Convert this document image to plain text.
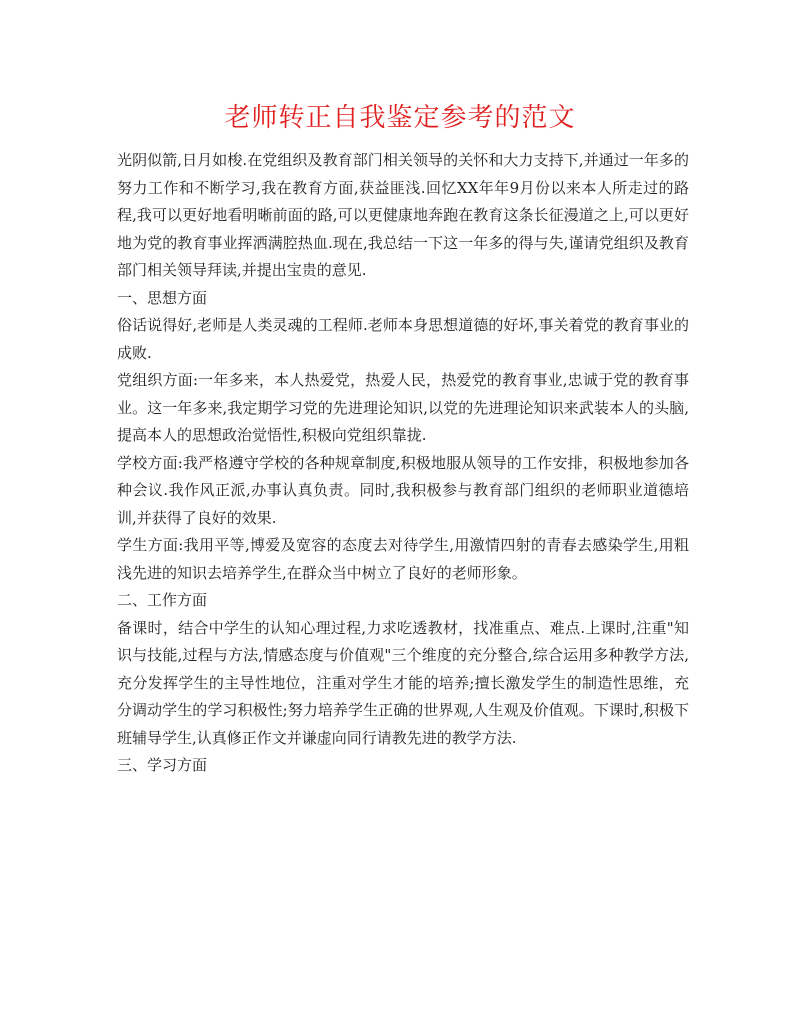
老师转正自我鉴定参考的范文

光阴似箭,日月如梭.在党组织及教育部门相关领导的关怀和大力支持下,并通过一年多的努力工作和不断学习,我在教育方面,获益匪浅.回忆XX年年9月份以来本人所走过的路程,我可以更好地看明晰前面的路,可以更健康地奔跑在教育这条长征漫道之上,可以更好地为党的教育事业挥洒满腔热血.现在,我总结一下这一年多的得与失,谨请党组织及教育部门相关领导拜读,并提出宝贵的意见.

一、思想方面

俗话说得好,老师是人类灵魂的工程师.老师本身思想道德的好坏,事关着党的教育事业的成败.

党组织方面:一年多来，本人热爱党，热爱人民，热爱党的教育事业,忠诚于党的教育事业。这一年多来,我定期学习党的先进理论知识,以党的先进理论知识来武装本人的头脑,提高本人的思想政治觉悟性,积极向党组织靠拢.

学校方面:我严格遵守学校的各种规章制度,积极地服从领导的工作安排，积极地参加各种会议.我作风正派,办事认真负责。同时,我积极参与教育部门组织的老师职业道德培训,并获得了良好的效果.

学生方面:我用平等,博爱及宽容的态度去对待学生,用激情四射的青春去感染学生,用粗浅先进的知识去培养学生,在群众当中树立了良好的老师形象。

二、工作方面

备课时，结合中学生的认知心理过程,力求吃透教材，找准重点、难点.上课时,注重"知识与技能,过程与方法,情感态度与价值观"三个维度的充分整合,综合运用多种教学方法,充分发挥学生的主导性地位，注重对学生才能的培养;擅长激发学生的制造性思维，充分调动学生的学习积极性;努力培养学生正确的世界观,人生观及价值观。下课时,积极下班辅导学生,认真修正作文并谦虚向同行请教先进的教学方法.

三、学习方面
